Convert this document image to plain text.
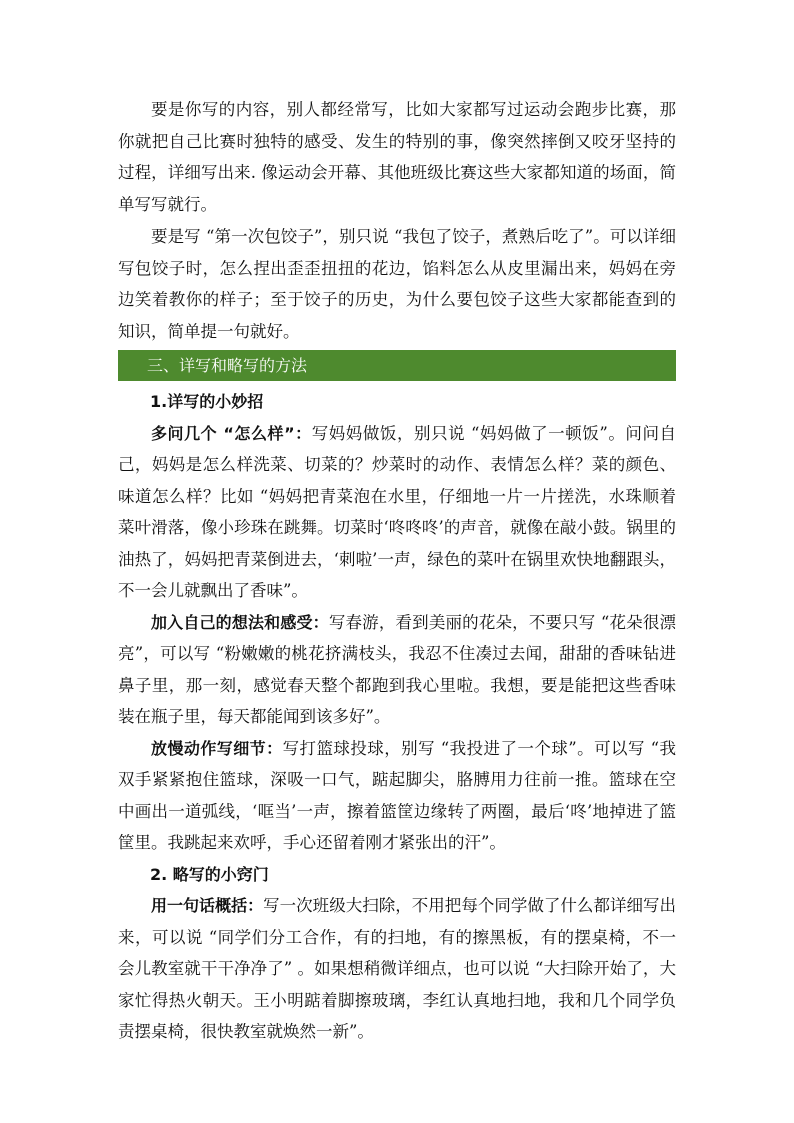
要是你写的内容，别人都经常写，比如大家都写过运动会跑步比赛，那你就把自己比赛时独特的感受、发生的特别的事，像突然摔倒又咬牙坚持的过程，详细写出来. 像运动会开幕、其他班级比赛这些大家都知道的场面，简单写写就行。

要是写 “第一次包饺子”，别只说 “我包了饺子，煮熟后吃了”。可以详细写包饺子时，怎么捏出歪歪扭扭的花边，馅料怎么从皮里漏出来，妈妈在旁边笑着教你的样子；至于饺子的历史，为什么要包饺子这些大家都能查到的知识，简单提一句就好。

三、详写和略写的方法

1.详写的小妙招

多问几个 “怎么样”：写妈妈做饭，别只说 “妈妈做了一顿饭”。问问自己，妈妈是怎么样洗菜、切菜的？炒菜时的动作、表情怎么样？菜的颜色、味道怎么样？比如 “妈妈把青菜泡在水里，仔细地一片一片搓洗，水珠顺着菜叶滑落，像小珍珠在跳舞。切菜时‘咚咚咚’的声音，就像在敲小鼓。锅里的油热了，妈妈把青菜倒进去，‘刺啦’一声，绿色的菜叶在锅里欢快地翻跟头，不一会儿就飘出了香味”。

加入自己的想法和感受：写春游，看到美丽的花朵，不要只写 “花朵很漂亮”，可以写 “粉嫩嫩的桃花挤满枝头，我忍不住凑过去闻，甜甜的香味钻进鼻子里，那一刻，感觉春天整个都跑到我心里啦。我想，要是能把这些香味装在瓶子里，每天都能闻到该多好”。

放慢动作写细节：写打篮球投球，别写 “我投进了一个球”。可以写 “我双手紧紧抱住篮球，深吸一口气，踮起脚尖，胳膊用力往前一推。篮球在空中画出一道弧线，‘哐当’一声，擦着篮筐边缘转了两圈，最后‘咚’地掉进了篮筐里。我跳起来欢呼，手心还留着刚才紧张出的汗”。

2. 略写的小窍门

用一句话概括：写一次班级大扫除，不用把每个同学做了什么都详细写出来，可以说 “同学们分工合作，有的扫地，有的擦黑板，有的摆桌椅，不一会儿教室就干干净净了” 。如果想稍微详细点，也可以说 “大扫除开始了，大家忙得热火朝天。王小明踮着脚擦玻璃，李红认真地扫地，我和几个同学负责摆桌椅，很快教室就焕然一新”。
